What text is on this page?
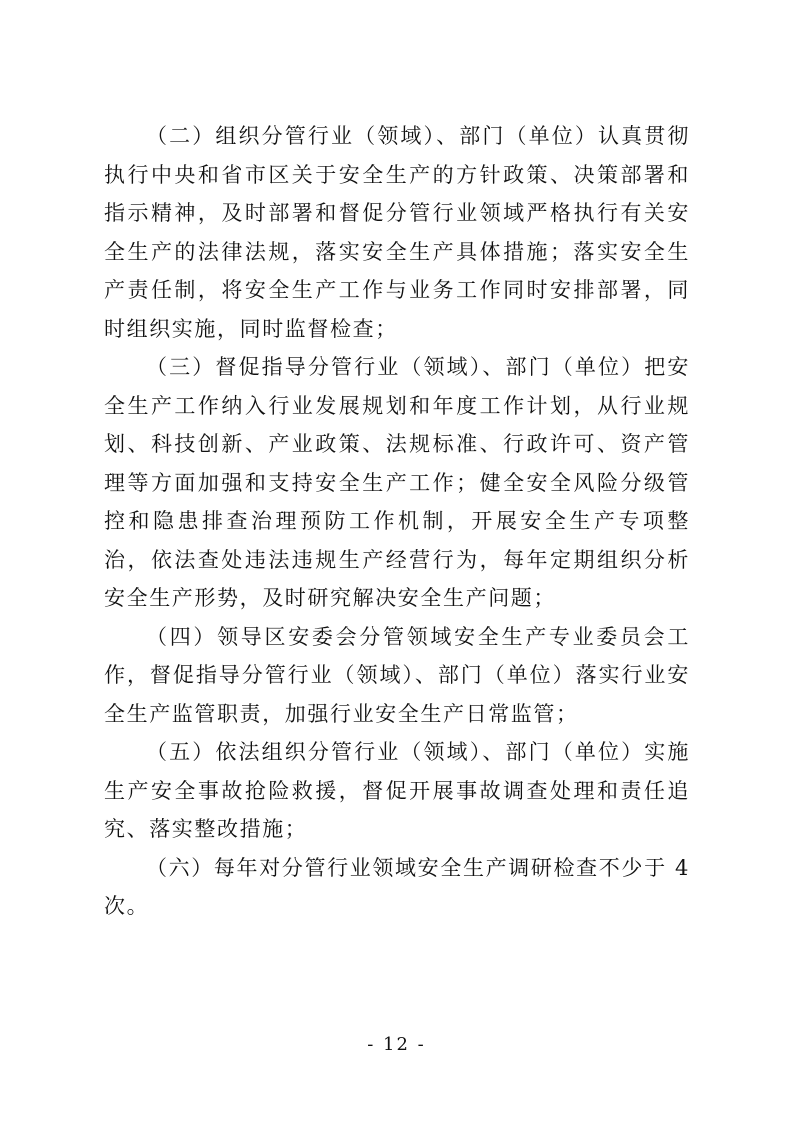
（二）组织分管行业（领域）、部门（单位）认真贯彻执行中央和省市区关于安全生产的方针政策、决策部署和指示精神，及时部署和督促分管行业领域严格执行有关安全生产的法律法规，落实安全生产具体措施；落实安全生产责任制，将安全生产工作与业务工作同时安排部署，同时组织实施，同时监督检查；

（三）督促指导分管行业（领域）、部门（单位）把安全生产工作纳入行业发展规划和年度工作计划，从行业规划、科技创新、产业政策、法规标准、行政许可、资产管理等方面加强和支持安全生产工作；健全安全风险分级管控和隐患排查治理预防工作机制，开展安全生产专项整治，依法查处违法违规生产经营行为，每年定期组织分析安全生产形势，及时研究解决安全生产问题；

（四）领导区安委会分管领域安全生产专业委员会工作，督促指导分管行业（领域）、部门（单位）落实行业安全生产监管职责，加强行业安全生产日常监管；

（五）依法组织分管行业（领域）、部门（单位）实施生产安全事故抢险救援，督促开展事故调查处理和责任追究、落实整改措施；

（六）每年对分管行业领域安全生产调研检查不少于 4 次。

- 12 -
